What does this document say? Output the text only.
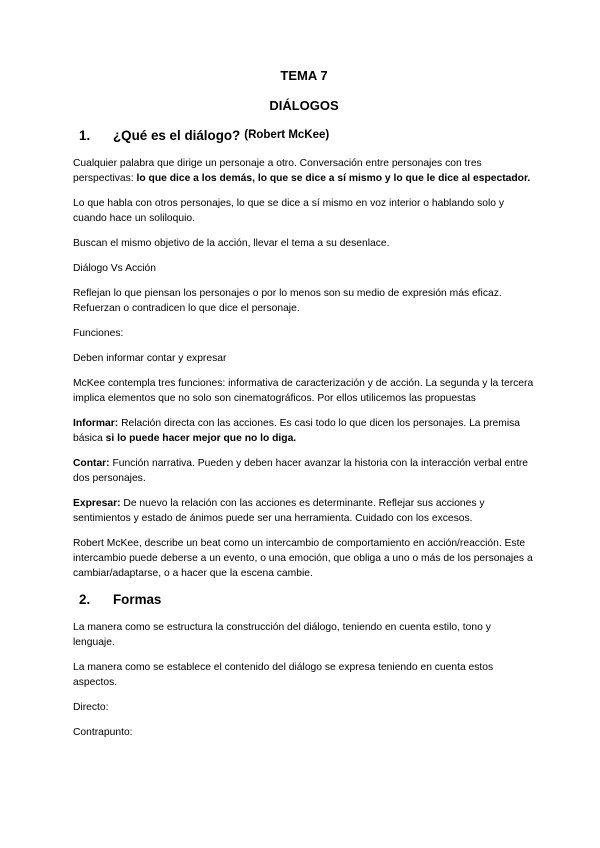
TEMA 7
DIÁLOGOS
1.	¿Qué es el diálogo? (Robert McKee)

Cualquier palabra que dirige un personaje a otro. Conversación entre personajes con tres perspectivas: lo que dice a los demás, lo que se dice a sí mismo y lo que le dice al espectador.

Lo que habla con otros personajes, lo que se dice a sí mismo en voz interior o hablando solo y cuando hace un soliloquio.

Buscan el mismo objetivo de la acción, llevar el tema a su desenlace.

Diálogo Vs Acción

Reflejan lo que piensan los personajes o por lo menos son su medio de expresión más eficaz. Refuerzan o contradicen lo que dice el personaje.

Funciones:

Deben informar contar y expresar

McKee contempla tres funciones: informativa de caracterización y de acción. La segunda y la tercera implica elementos que no solo son cinematográficos. Por ellos utilicemos las propuestas

Informar: Relación directa con las acciones. Es casi todo lo que dicen los personajes. La premisa básica si lo puede hacer mejor que no lo diga.

Contar: Función narrativa. Pueden y deben hacer avanzar la historia con la interacción verbal entre dos personajes.

Expresar: De nuevo la relación con las acciones es determinante. Reflejar sus acciones y sentimientos y estado de ánimos puede ser una herramienta. Cuidado con los excesos.

Robert McKee, describe un beat como un intercambio de comportamiento en acción/reacción. Este intercambio puede deberse a un evento, o una emoción, que obliga a uno o más de los personajes a cambiar/adaptarse, o a hacer que la escena cambie.

2.	Formas

La manera como se estructura la construcción del diálogo, teniendo en cuenta estilo, tono y lenguaje.

La manera como se establece el contenido del diálogo se expresa teniendo en cuenta estos aspectos.

Directo:

Contrapunto:
